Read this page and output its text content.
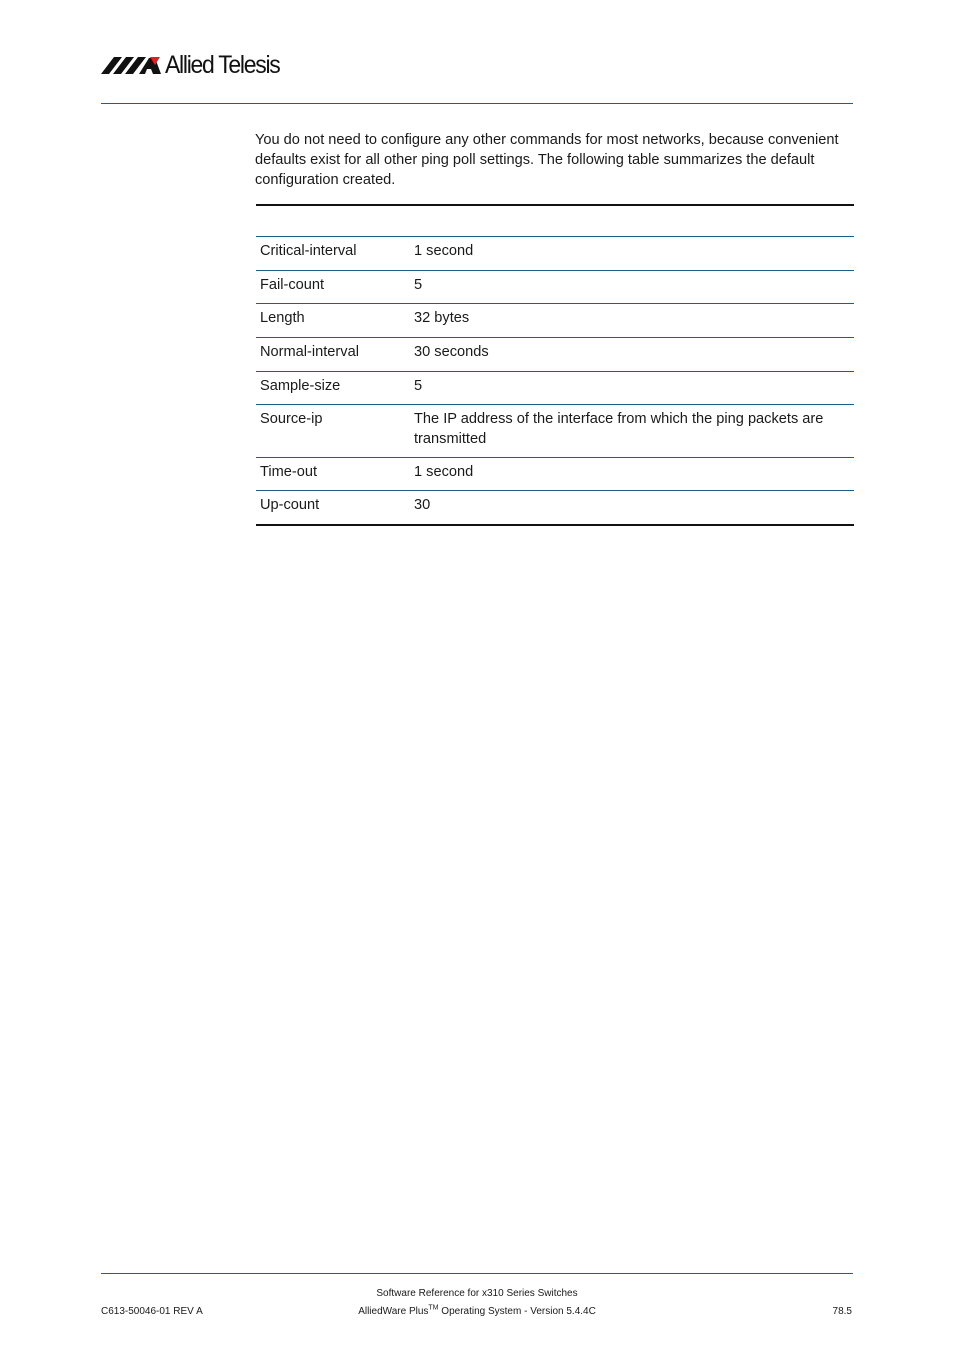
Allied Telesis

You do not need to configure any other commands for most networks, because convenient defaults exist for all other ping poll settings. The following table summarizes the default configuration created.

Critical-interval	1 second
Fail-count	5
Length	32 bytes
Normal-interval	30 seconds
Sample-size	5
Source-ip	The IP address of the interface from which the ping packets are transmitted
Time-out	1 second
Up-count	30
Software Reference for x310 Series Switches
AlliedWare Plus™ Operating System - Version 5.4.4C
C613-50046-01 REV A	78.5
